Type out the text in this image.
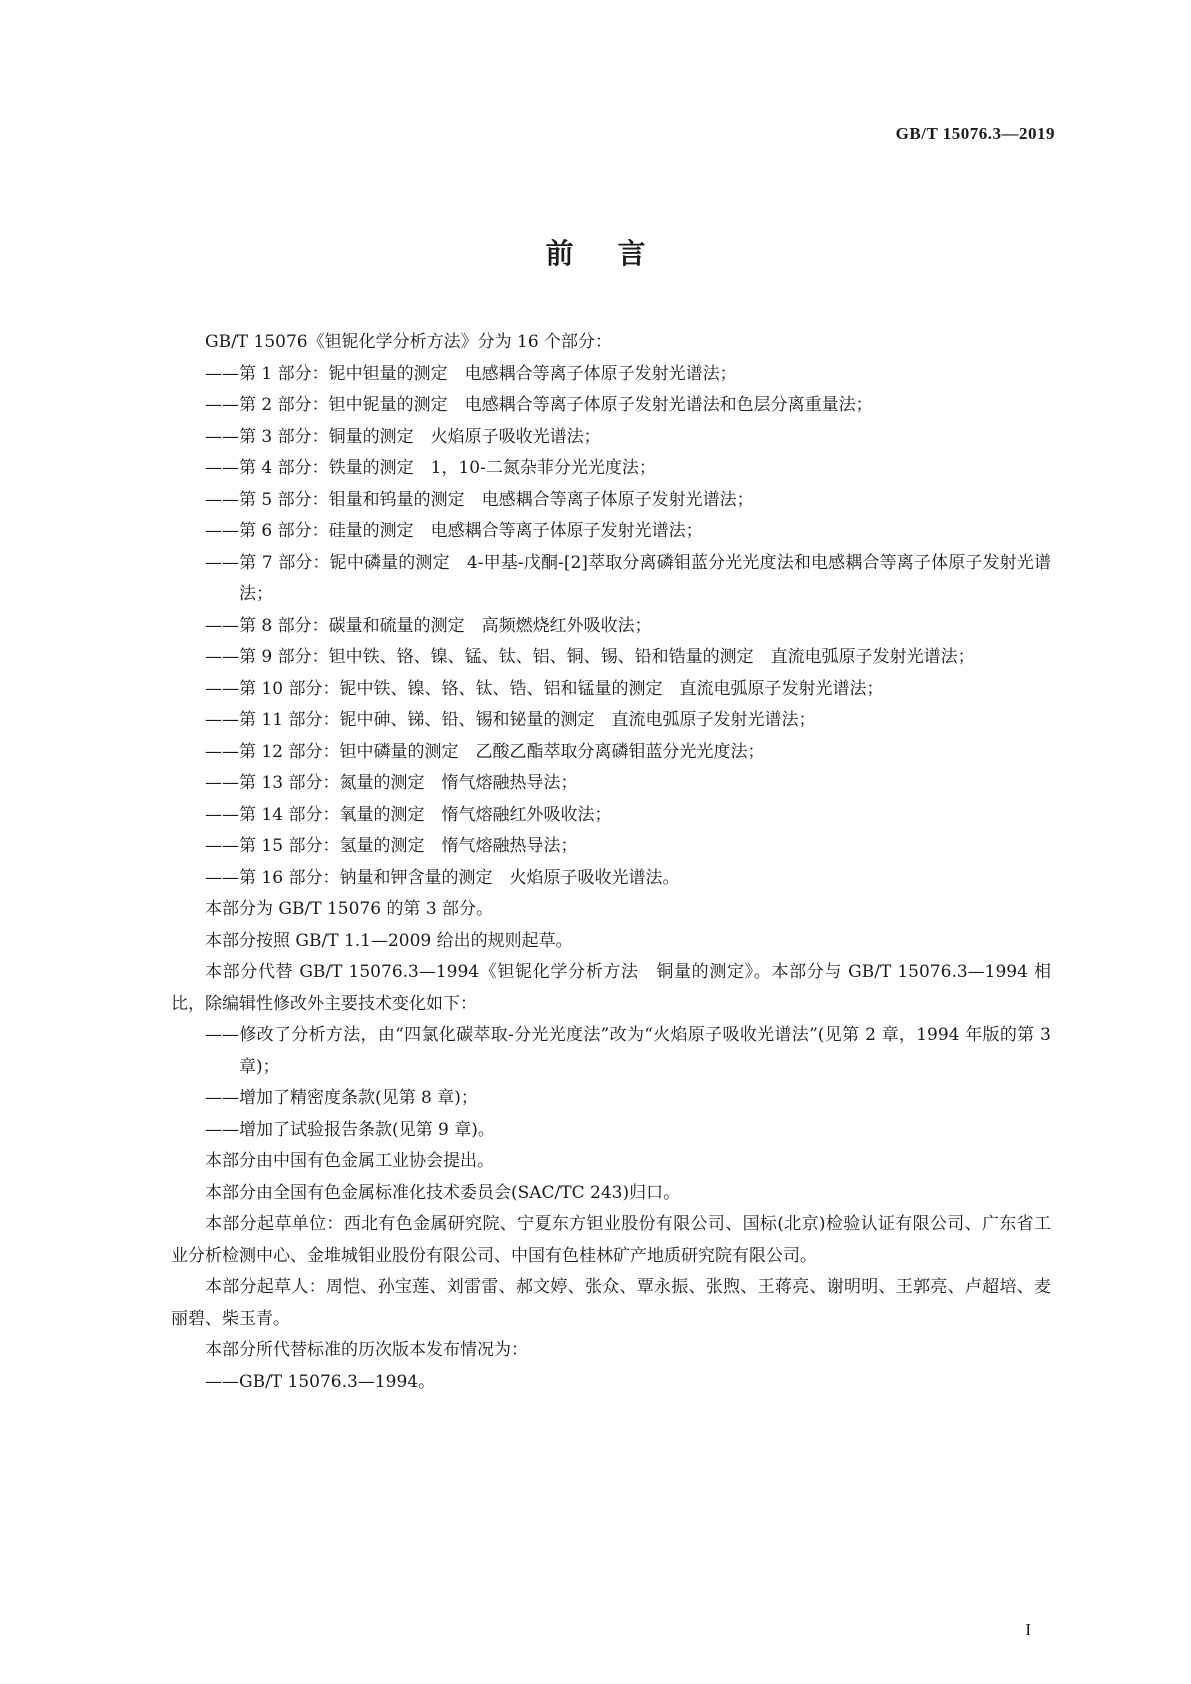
GB/T 15076.3—2019
前言

GB/T 15076《钽铌化学分析方法》分为 16 个部分：

——第 1 部分：铌中钽量的测定　电感耦合等离子体原子发射光谱法；

——第 2 部分：钽中铌量的测定　电感耦合等离子体原子发射光谱法和色层分离重量法；

——第 3 部分：铜量的测定　火焰原子吸收光谱法；

——第 4 部分：铁量的测定　1，10-二氮杂菲分光光度法；

——第 5 部分：钼量和钨量的测定　电感耦合等离子体原子发射光谱法；

——第 6 部分：硅量的测定　电感耦合等离子体原子发射光谱法；

——第 7 部分：铌中磷量的测定　4-甲基-戊酮-[2]萃取分离磷钼蓝分光光度法和电感耦合等离子体原子发射光谱法；

——第 8 部分：碳量和硫量的测定　高频燃烧红外吸收法；

——第 9 部分：钽中铁、铬、镍、锰、钛、铝、铜、锡、铅和锆量的测定　直流电弧原子发射光谱法；

——第 10 部分：铌中铁、镍、铬、钛、锆、铝和锰量的测定　直流电弧原子发射光谱法；

——第 11 部分：铌中砷、锑、铅、锡和铋量的测定　直流电弧原子发射光谱法；

——第 12 部分：钽中磷量的测定　乙酸乙酯萃取分离磷钼蓝分光光度法；

——第 13 部分：氮量的测定　惰气熔融热导法；

——第 14 部分：氧量的测定　惰气熔融红外吸收法；

——第 15 部分：氢量的测定　惰气熔融热导法；

——第 16 部分：钠量和钾含量的测定　火焰原子吸收光谱法。

本部分为 GB/T 15076 的第 3 部分。

本部分按照 GB/T 1.1—2009 给出的规则起草。

本部分代替 GB/T 15076.3—1994《钽铌化学分析方法　铜量的测定》。本部分与 GB/T 15076.3—1994 相比，除编辑性修改外主要技术变化如下：

——修改了分析方法，由“四氯化碳萃取-分光光度法”改为“火焰原子吸收光谱法”(见第 2 章，1994 年版的第 3 章)；

——增加了精密度条款(见第 8 章)；

——增加了试验报告条款(见第 9 章)。

本部分由中国有色金属工业协会提出。

本部分由全国有色金属标准化技术委员会(SAC/TC 243)归口。

本部分起草单位：西北有色金属研究院、宁夏东方钽业股份有限公司、国标(北京)检验认证有限公司、广东省工业分析检测中心、金堆城钼业股份有限公司、中国有色桂林矿产地质研究院有限公司。

本部分起草人：周恺、孙宝莲、刘雷雷、郝文婷、张众、覃永振、张煦、王蒋亮、谢明明、王郭亮、卢超培、麦丽碧、柴玉青。

本部分所代替标准的历次版本发布情况为：

——GB/T 15076.3—1994。

I
